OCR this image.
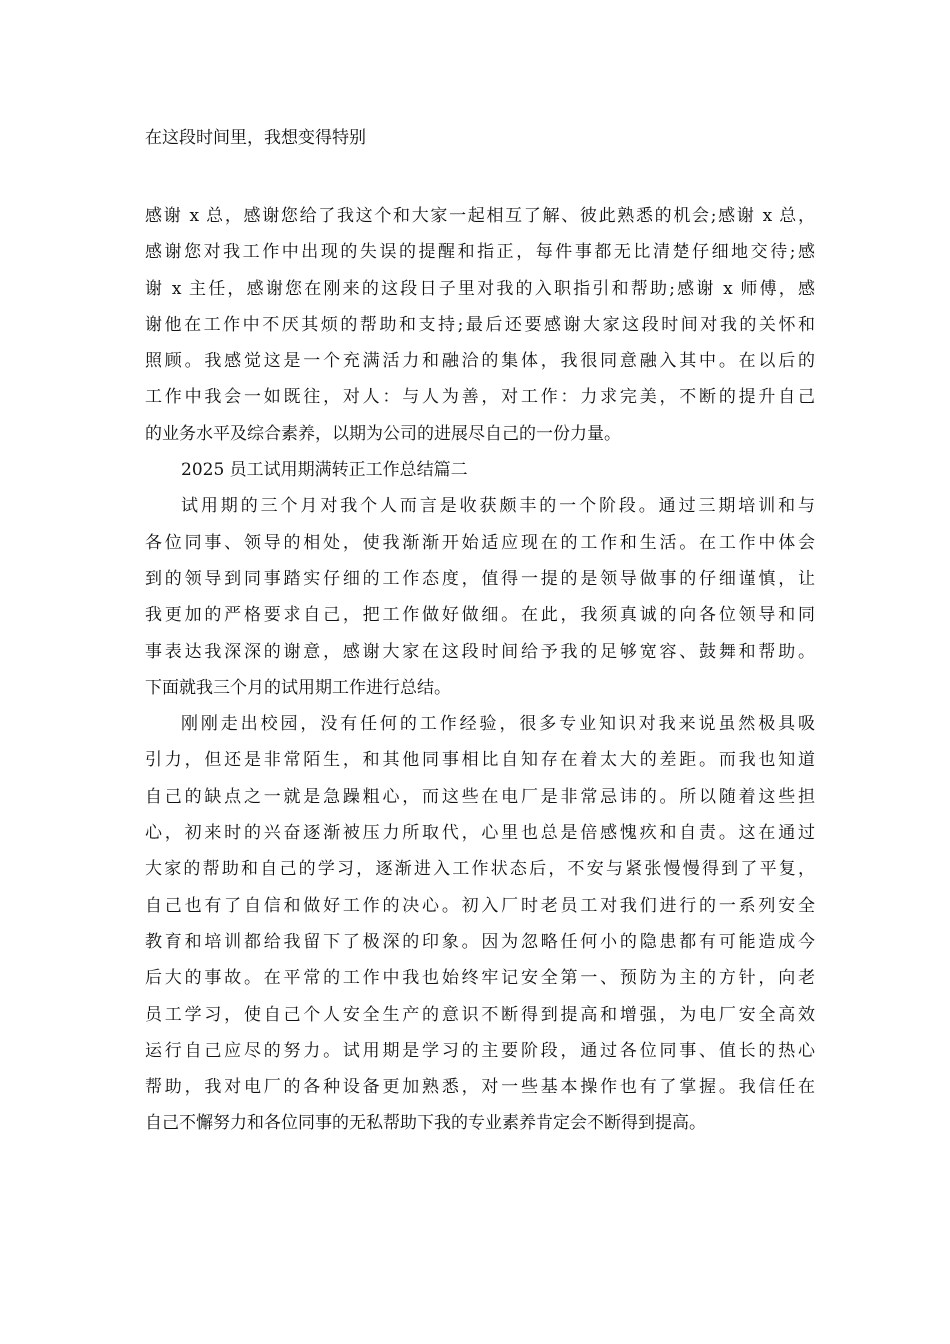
在这段时间里，我想变得特别
感谢 x 总，感谢您给了我这个和大家一起相互了解、彼此熟悉的机会;感谢 x 总，
感谢您对我工作中出现的失误的提醒和指正，每件事都无比清楚仔细地交待;感
谢 x 主任，感谢您在刚来的这段日子里对我的入职指引和帮助;感谢 x 师傅，感
谢他在工作中不厌其烦的帮助和支持;最后还要感谢大家这段时间对我的关怀和
照顾。我感觉这是一个充满活力和融洽的集体，我很同意融入其中。在以后的
工作中我会一如既往，对人：与人为善，对工作：力求完美，不断的提升自己
的业务水平及综合素养，以期为公司的进展尽自己的一份力量。
2025 员工试用期满转正工作总结篇二
试用期的三个月对我个人而言是收获颇丰的一个阶段。通过三期培训和与
各位同事、领导的相处，使我渐渐开始适应现在的工作和生活。在工作中体会
到的领导到同事踏实仔细的工作态度，值得一提的是领导做事的仔细谨慎，让
我更加的严格要求自己，把工作做好做细。在此，我须真诚的向各位领导和同
事表达我深深的谢意，感谢大家在这段时间给予我的足够宽容、鼓舞和帮助。
下面就我三个月的试用期工作进行总结。
刚刚走出校园，没有任何的工作经验，很多专业知识对我来说虽然极具吸
引力，但还是非常陌生，和其他同事相比自知存在着太大的差距。而我也知道
自己的缺点之一就是急躁粗心，而这些在电厂是非常忌讳的。所以随着这些担
心，初来时的兴奋逐渐被压力所取代，心里也总是倍感愧疚和自责。这在通过
大家的帮助和自己的学习，逐渐进入工作状态后，不安与紧张慢慢得到了平复，
自己也有了自信和做好工作的决心。初入厂时老员工对我们进行的一系列安全
教育和培训都给我留下了极深的印象。因为忽略任何小的隐患都有可能造成今
后大的事故。在平常的工作中我也始终牢记安全第一、预防为主的方针，向老
员工学习，使自己个人安全生产的意识不断得到提高和增强，为电厂安全高效
运行自己应尽的努力。试用期是学习的主要阶段，通过各位同事、值长的热心
帮助，我对电厂的各种设备更加熟悉，对一些基本操作也有了掌握。我信任在
自己不懈努力和各位同事的无私帮助下我的专业素养肯定会不断得到提高。
